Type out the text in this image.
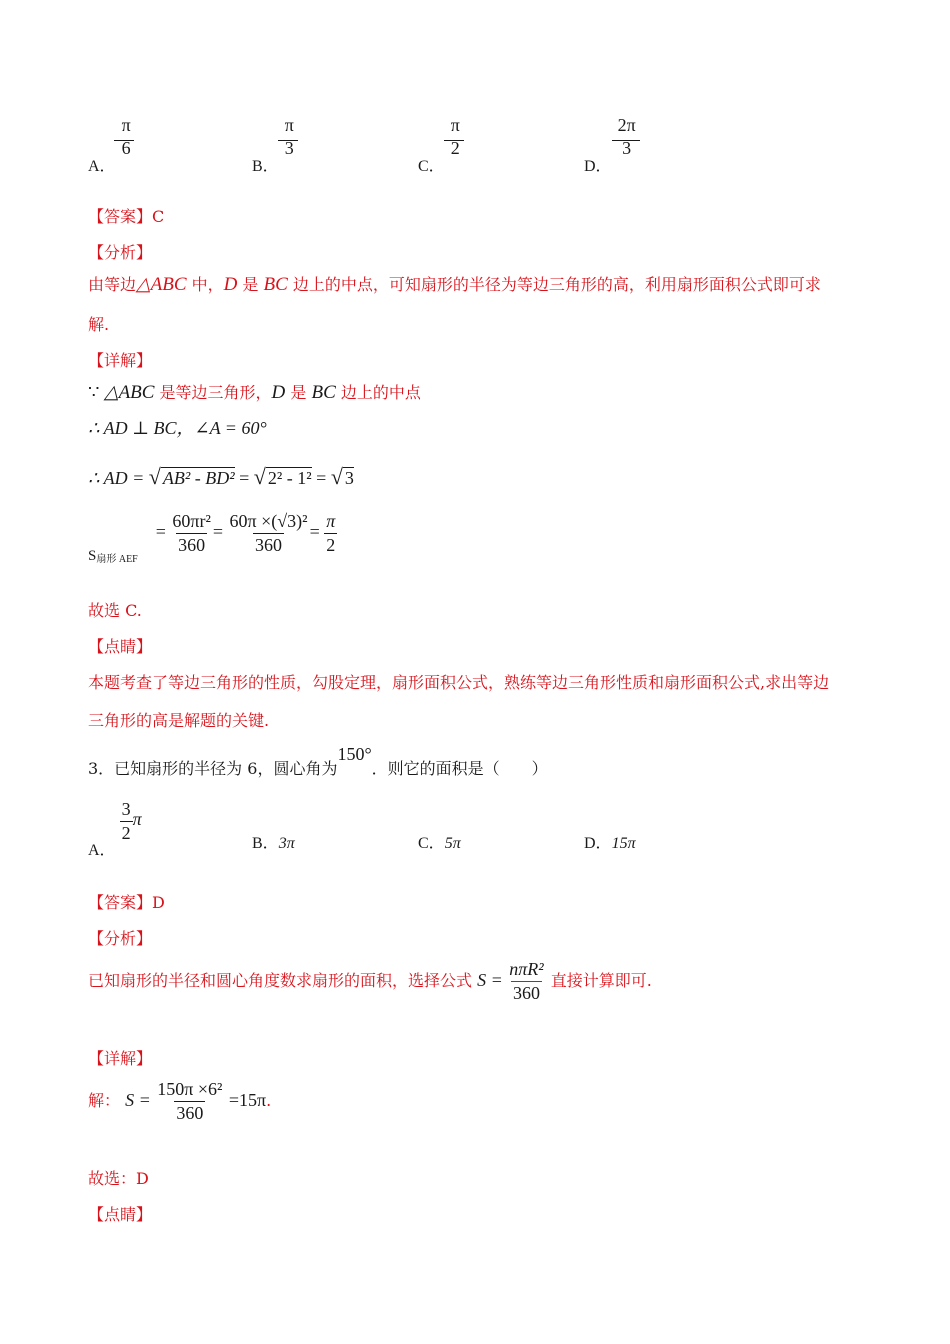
A．
π
6
B．
π
3
C．
π
2
D．
2π
3
【答案】C
【分析】
由等边△ABC 中，D 是 BC 边上的中点，可知扇形的半径为等边三角形的高，利用扇形面积公式即可求
解.
【详解】
∵ △ABC 是等边三角形，D 是 BC 边上的中点
∴ AD ⊥ BC，∠A = 60°
∴ AD = √ AB² - BD² = √ 2² - 1² = √ 3
$_{S扇形 AEF}= \frac{\text{60πr²}}{360} = \frac{\text{60π ×(√3)²}}{360} = \frac{\pi}{2}$
故选 C.
【点睛】
本题考查了等边三角形的性质，勾股定理，扇形面积公式，熟练等边三角形性质和扇形面积公式,求出等边
三角形的高是解题的关键.
3．已知扇形的半径为 6，圆心角为150°．则它的面积是（　　）
A．
$\frac{3}{2}$ π
B．3π	C．5π	D．15π
【答案】D
【分析】
已知扇形的半径和圆心角度数求扇形的面积，选择公式 $S = \frac{\text{nπR²}}{360}$ 直接计算即可.
【详解】
解： $S = \frac{\text{150π ×6²}}{360} =15\pi$.
故选：D
【点睛】
